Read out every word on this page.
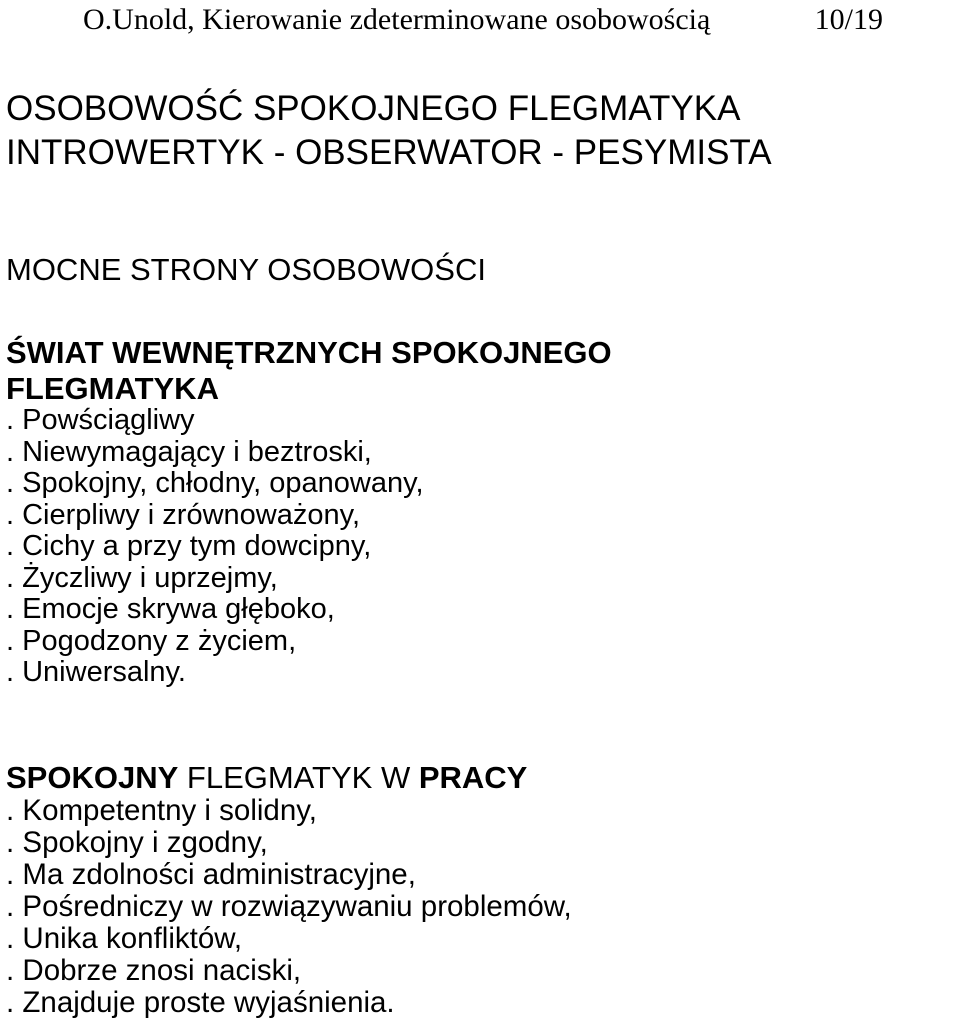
O.Unold, Kierowanie zdeterminowane osobowością	10/19
OSOBOWOŚĆ SPOKOJNEGO FLEGMATYKA
INTROWERTYK - OBSERWATOR - PESYMISTA
MOCNE STRONY OSOBOWOŚCI
ŚWIAT WEWNĘTRZNYCH SPOKOJNEGO
FLEGMATYKA
. Powściągliwy
. Niewymagający i beztroski,
. Spokojny, chłodny, opanowany,
. Cierpliwy i zrównoważony,
. Cichy a przy tym dowcipny,
. Życzliwy i uprzejmy,
. Emocje skrywa głęboko,
. Pogodzony z życiem,
. Uniwersalny.
SPOKOJNY FLEGMATYK W PRACY
. Kompetentny i solidny,
. Spokojny i zgodny,
. Ma zdolności administracyjne,
. Pośredniczy w rozwiązywaniu problemów,
. Unika konfliktów,
. Dobrze znosi naciski,
. Znajduje proste wyjaśnienia.
